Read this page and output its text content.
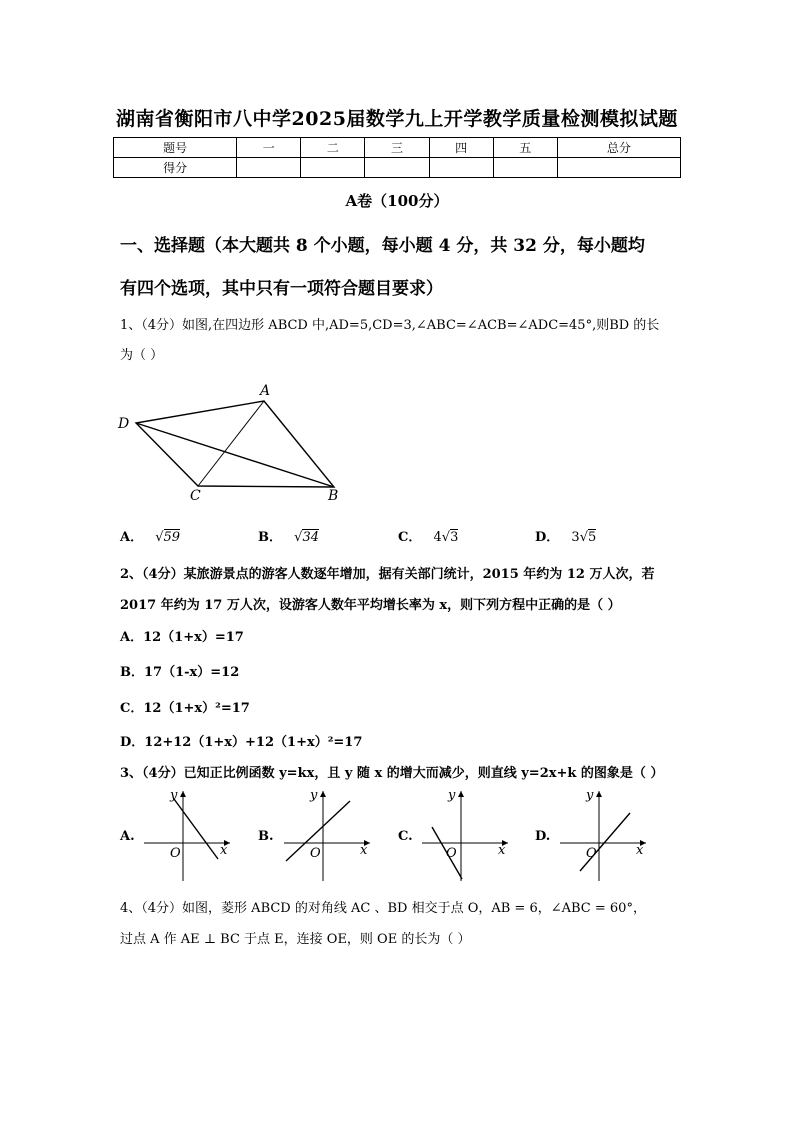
湖南省衡阳市八中学2025届数学九上开学教学质量检测模拟试题
题号	一	二	三	四	五	总分
得分						
A卷（100分）
一、选择题（本大题共 8 个小题，每小题 4 分，共 32 分，每小题均
有四个选项，其中只有一项符合题目要求）
1、（4分）如图,在四边形 ABCD 中,AD=5,CD=3,∠ABC=∠ACB=∠ADC=45°,则BD 的长
为（ ）
A
B
C
D
A． √59	B． √34	C． 4√3	D． 3√5
2、（4分）某旅游景点的游客人数逐年增加，据有关部门统计，2015 年约为 12 万人次，若
2017 年约为 17 万人次，设游客人数年平均增长率为 x，则下列方程中正确的是（ ）
A．12（1+x）=17
B．17（1-x）=12
C．12（1+x）²=17
D．12+12（1+x）+12（1+x）²=17
3、（4分）已知正比例函数 y=kx，且 y 随 x 的增大而减少，则直线 y=2x+k 的图象是（ ）
A.
y
x
O
B.
y
x
O
C.
y
x
O
D.
y
x
O
4、（4分）如图，菱形 ABCD 的对角线 AC 、BD 相交于点 O，AB = 6，∠ABC = 60°，
过点 A 作 AE ⊥ BC 于点 E，连接 OE，则 OE 的长为（ ）
